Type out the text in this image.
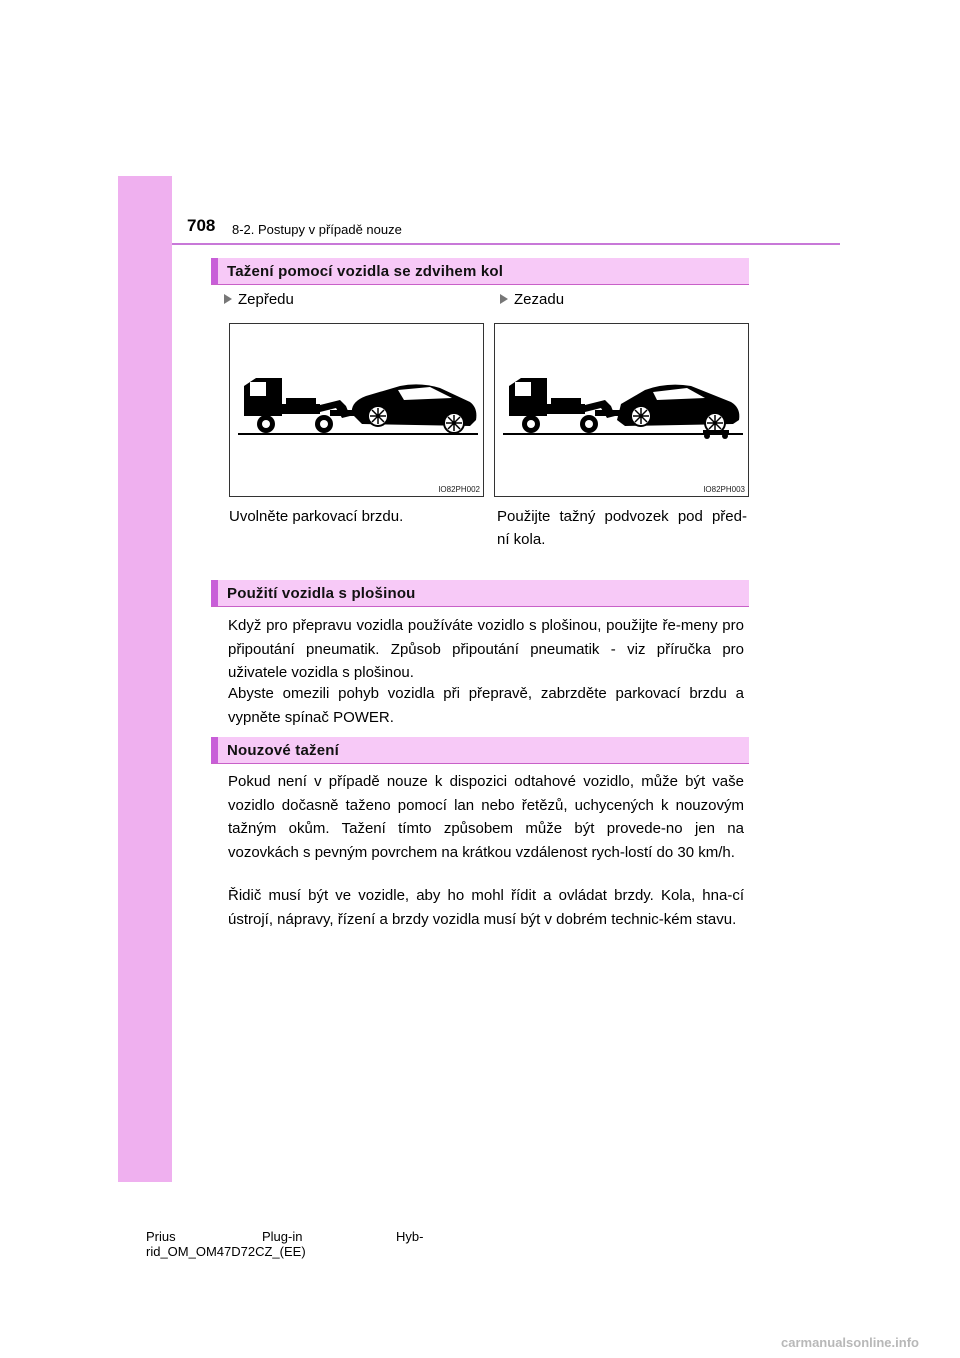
708 8-2. Postupy v případě nouze
Tažení pomocí vozidla se zdvihem kol
Zepředu	Zezadu
IO82PH002	IO82PH003
Uvolněte parkovací brzdu.	Použijte tažný podvozek pod před-
ní kola.
Použití vozidla s plošinou

Když pro přepravu vozidla používáte vozidlo s plošinou, použijte ře-meny pro připoutání pneumatik. Způsob připoutání pneumatik - viz příručka pro uživatele vozidla s plošinou.

Abyste omezili pohyb vozidla při přepravě, zabrzděte parkovací brzdu a vypněte spínač POWER.

Nouzové tažení

Pokud není v případě nouze k dispozici odtahové vozidlo, může být vaše vozidlo dočasně taženo pomocí lan nebo řetězů, uchycených k nouzovým tažným okům. Tažení tímto způsobem může být provede-no jen na vozovkách s pevným povrchem na krátkou vzdálenost rych-lostí do 30 km/h.

Řidič musí být ve vozidle, aby ho mohl řídit a ovládat brzdy. Kola, hna-cí ústrojí, nápravy, řízení a brzdy vozidla musí být v dobrém technic-kém stavu.

Prius	Plug-in	Hyb-
rid_OM_OM47D72CZ_(EE)
carmanualsonline.info
